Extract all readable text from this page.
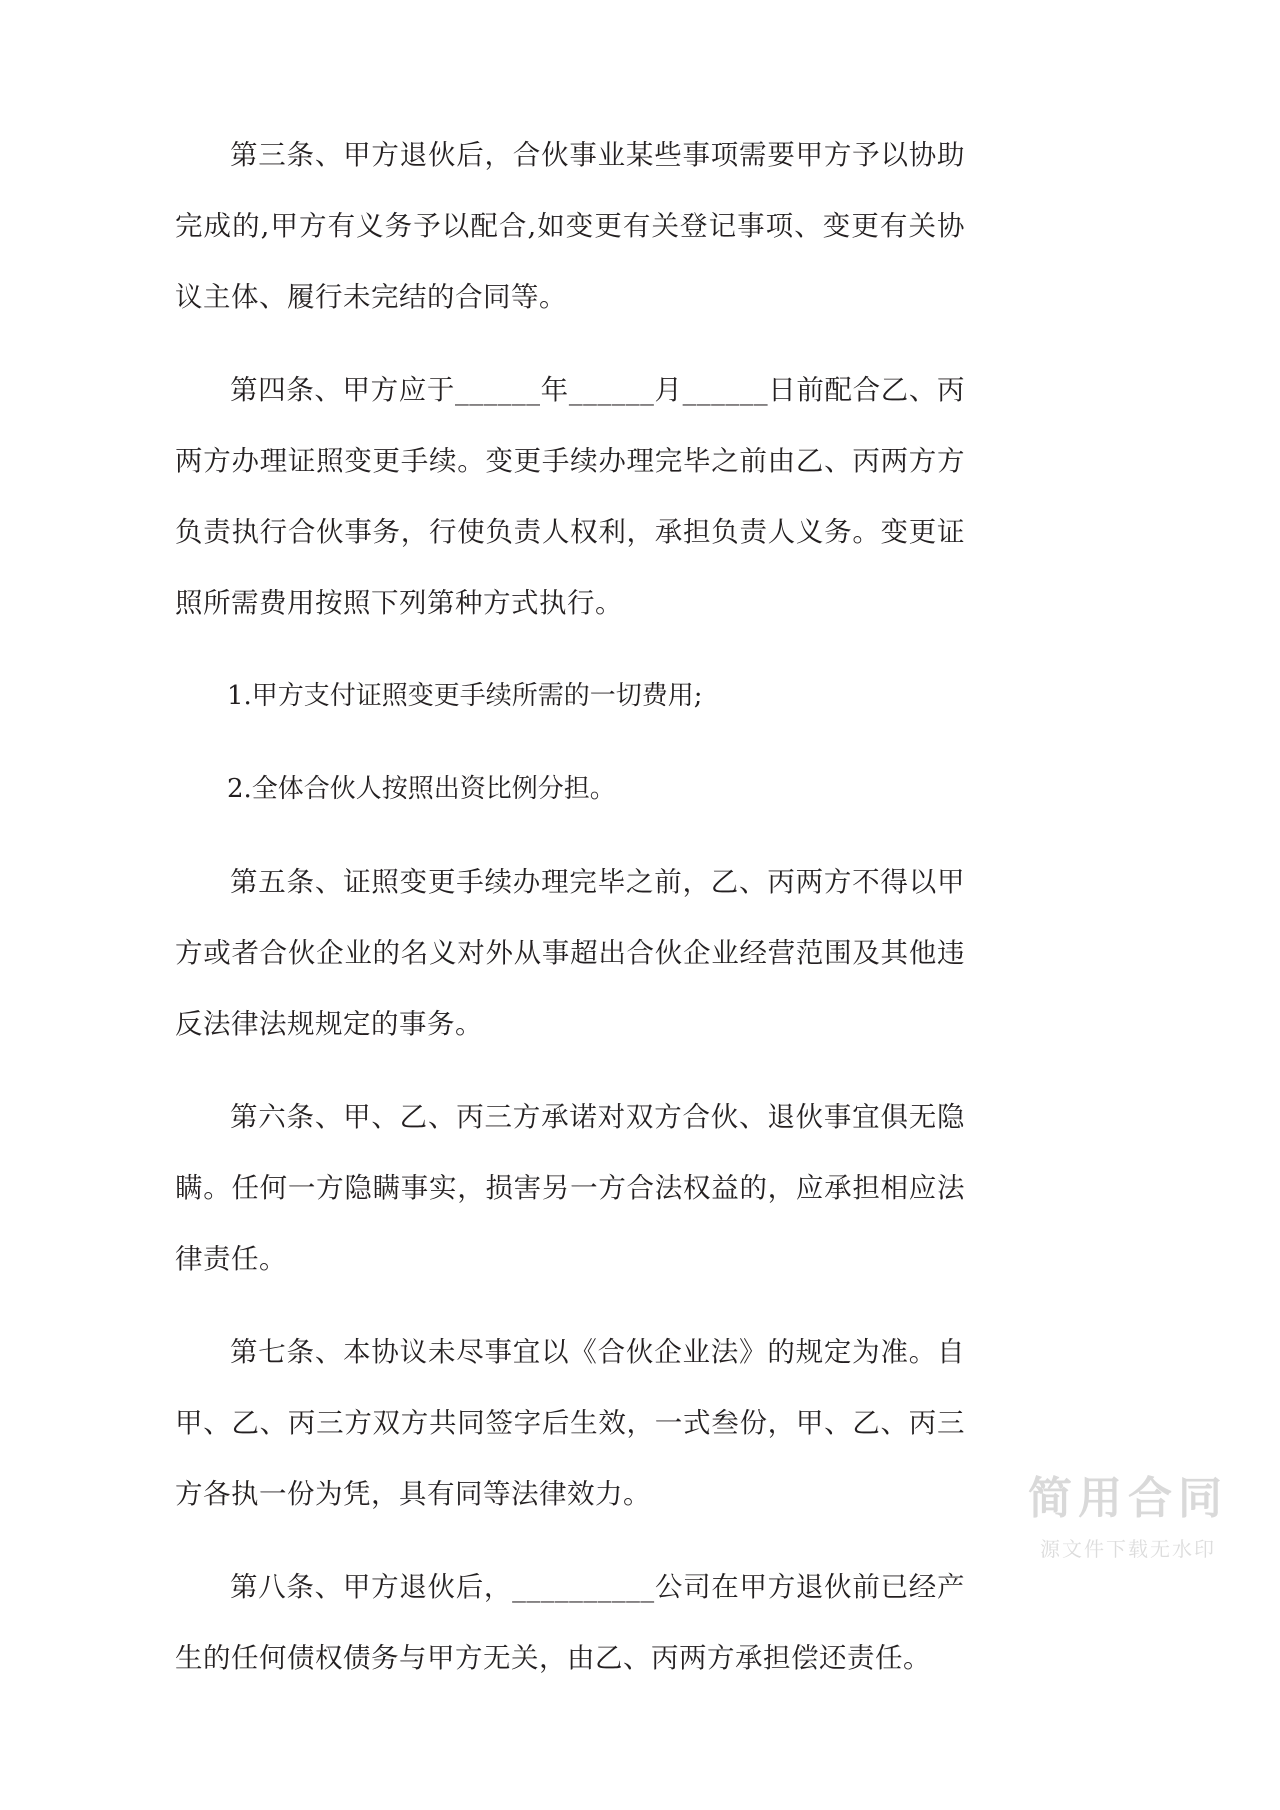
第三条、甲方退伙后，合伙事业某些事项需要甲方予以协助完成的,甲方有义务予以配合,如变更有关登记事项、变更有关协议主体、履行未完结的合同等。

第四条、甲方应于______年______月______日前配合乙、丙两方办理证照变更手续。变更手续办理完毕之前由乙、丙两方方负责执行合伙事务，行使负责人权利，承担负责人义务。变更证照所需费用按照下列第种方式执行。

1.甲方支付证照变更手续所需的一切费用;

2.全体合伙人按照出资比例分担。

第五条、证照变更手续办理完毕之前，乙、丙两方不得以甲方或者合伙企业的名义对外从事超出合伙企业经营范围及其他违反法律法规规定的事务。

第六条、甲、乙、丙三方承诺对双方合伙、退伙事宜俱无隐瞒。任何一方隐瞒事实，损害另一方合法权益的，应承担相应法律责任。

第七条、本协议未尽事宜以《合伙企业法》的规定为准。自甲、乙、丙三方双方共同签字后生效，一式叁份，甲、乙、丙三方各执一份为凭，具有同等法律效力。

第八条、甲方退伙后，__________公司在甲方退伙前已经产生的任何债权债务与甲方无关，由乙、丙两方承担偿还责任。

简用合同
源文件下载无水印
